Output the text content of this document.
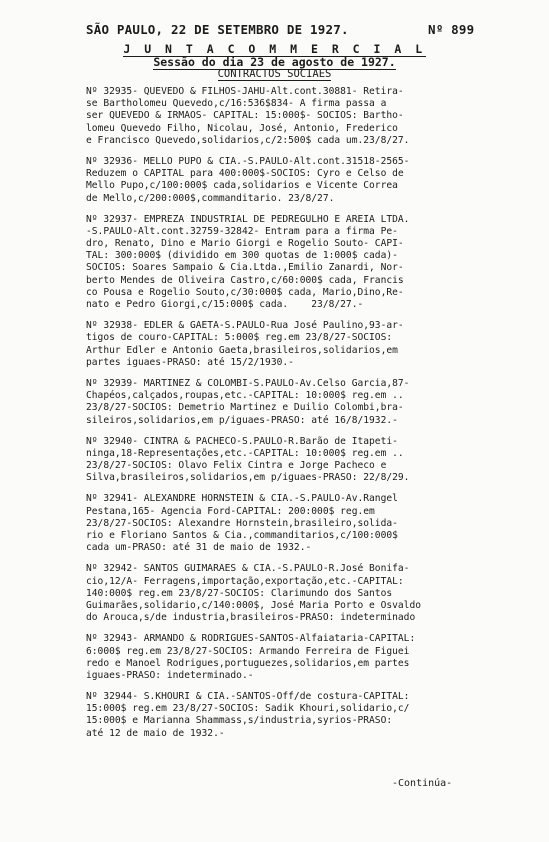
SÃO PAULO, 22 DE SETEMBRO DE 1927.	Nº 899
J U N T A C O M M E R C I A L
Sessão do dia 23 de agosto de 1927.
CONTRACTOS SOCIAES
Nº 32935- QUEVEDO & FILHOS-JAHU-Alt.cont.30881- Retira-
se Bartholomeu Quevedo,c/16:536$834- A firma passa a
ser QUEVEDO & IRMÃOS- CAPITAL: 15:000$- SOCIOS: Bartho-
lomeu Quevedo Filho, Nicolau, José, Antonio, Frederico
e Francisco Quevedo,solidarios,c/2:500$ cada um.23/8/27.
Nº 32936- MELLO PUPO & CIA.-S.PAULO-Alt.cont.31518-2565-
Reduzem o CAPITAL para 400:000$-SOCIOS: Cyro e Celso de
Mello Pupo,c/100:000$ cada,solidarios e Vicente Correa
de Mello,c/200:000$,commanditario. 23/8/27.
Nº 32937- EMPREZA INDUSTRIAL DE PEDREGULHO E AREIA LTDA.
-S.PAULO-Alt.cont.32759-32842- Entram para a firma Pe-
dro, Renato, Dino e Mario Giorgi e Rogelio Souto- CAPI-
TAL: 300:000$ (dividido em 300 quotas de 1:000$ cada)-
SOCIOS: Soares Sampaio & Cia.Ltda.,Emilio Zanardi, Nor-
berto Mendes de Oliveira Castro,c/60:000$ cada, Francis
co Pousa e Rogelio Souto,c/30:000$ cada, Mario,Dino,Re-
nato e Pedro Giorgi,c/15:000$ cada.    23/8/27.-
Nº 32938- EDLER & GAETA-S.PAULO-Rua José Paulino,93-ar-
tigos de couro-CAPITAL: 5:000$ reg.em 23/8/27-SOCIOS:
Arthur Edler e Antonio Gaeta,brasileiros,solidarios,em
partes iguaes-PRASO: até 15/2/1930.-
Nº 32939- MARTINEZ & COLOMBI-S.PAULO-Av.Celso Garcia,87-
Chapéos,calçados,roupas,etc.-CAPITAL: 10:000$ reg.em ..
23/8/27-SOCIOS: Demetrio Martinez e Duilio Colombi,bra-
sileiros,solidarios,em p/iguaes-PRASO: até 16/8/1932.-
Nº 32940- CINTRA & PACHECO-S.PAULO-R.Barão de Itapeti-
ninga,18-Representações,etc.-CAPITAL: 10:000$ reg.em ..
23/8/27-SOCIOS: Olavo Felix Cintra e Jorge Pacheco e
Silva,brasileiros,solidarios,em p/iguaes-PRASO: 22/8/29.
Nº 32941- ALEXANDRE HORNSTEIN & CIA.-S.PAULO-Av.Rangel
Pestana,165- Agencia Ford-CAPITAL: 200:000$ reg.em
23/8/27-SOCIOS: Alexandre Hornstein,brasileiro,solida-
rio e Floriano Santos & Cia.,commanditarios,c/100:000$
cada um-PRASO: até 31 de maio de 1932.-
Nº 32942- SANTOS GUIMARÃES & CIA.-S.PAULO-R.José Bonifa-
cio,12/A- Ferragens,importação,exportação,etc.-CAPITAL:
140:000$ reg.em 23/8/27-SOCIOS: Clarimundo dos Santos
Guimarães,solidario,c/140:000$, José Maria Porto e Osvaldo
do Arouca,s/de industria,brasileiros-PRASO: indeterminado
Nº 32943- ARMANDO & RODRIGUES-SANTOS-Alfaiataria-CAPITAL:
6:000$ reg.em 23/8/27-SOCIOS: Armando Ferreira de Figuei
redo e Manoel Rodrigues,portuguezes,solidarios,em partes
iguaes-PRASO: indeterminado.-
Nº 32944- S.KHOURI & CIA.-SANTOS-Off/de costura-CAPITAL:
15:000$ reg.em 23/8/27-SOCIOS: Sadik Khouri,solidario,c/
15:000$ e Marianna Shammass,s/industria,syrios-PRASO:
até 12 de maio de 1932.-
-Continúa-
